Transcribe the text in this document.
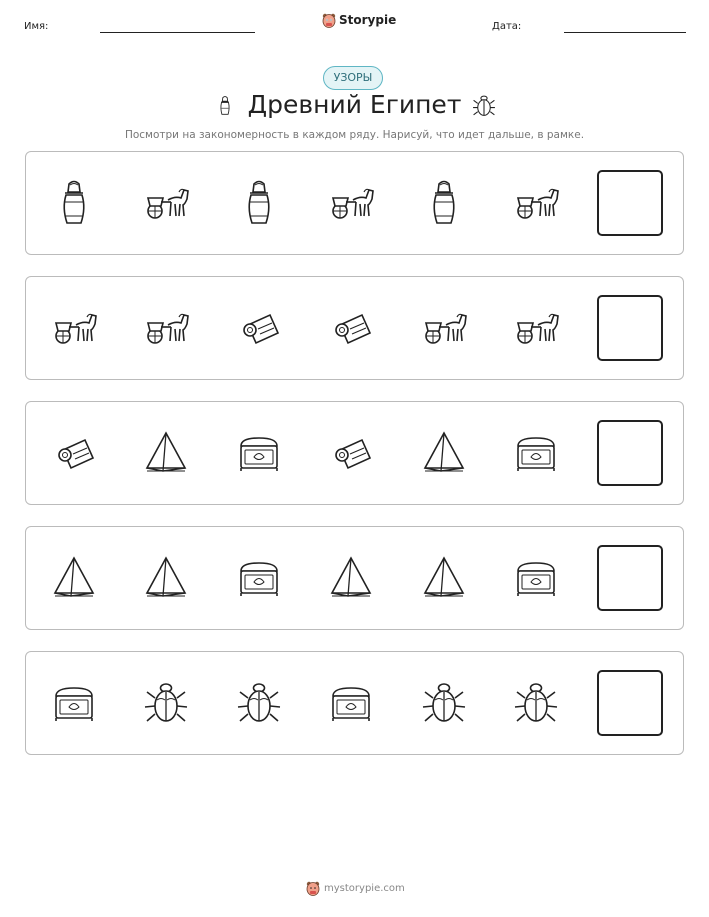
Имя:	Storypie	Дата:
УЗОРЫ
Древний Египет
Посмотри на закономерность в каждом ряду. Нарисуй, что идет дальше, в рамке.
mystorypie.com
